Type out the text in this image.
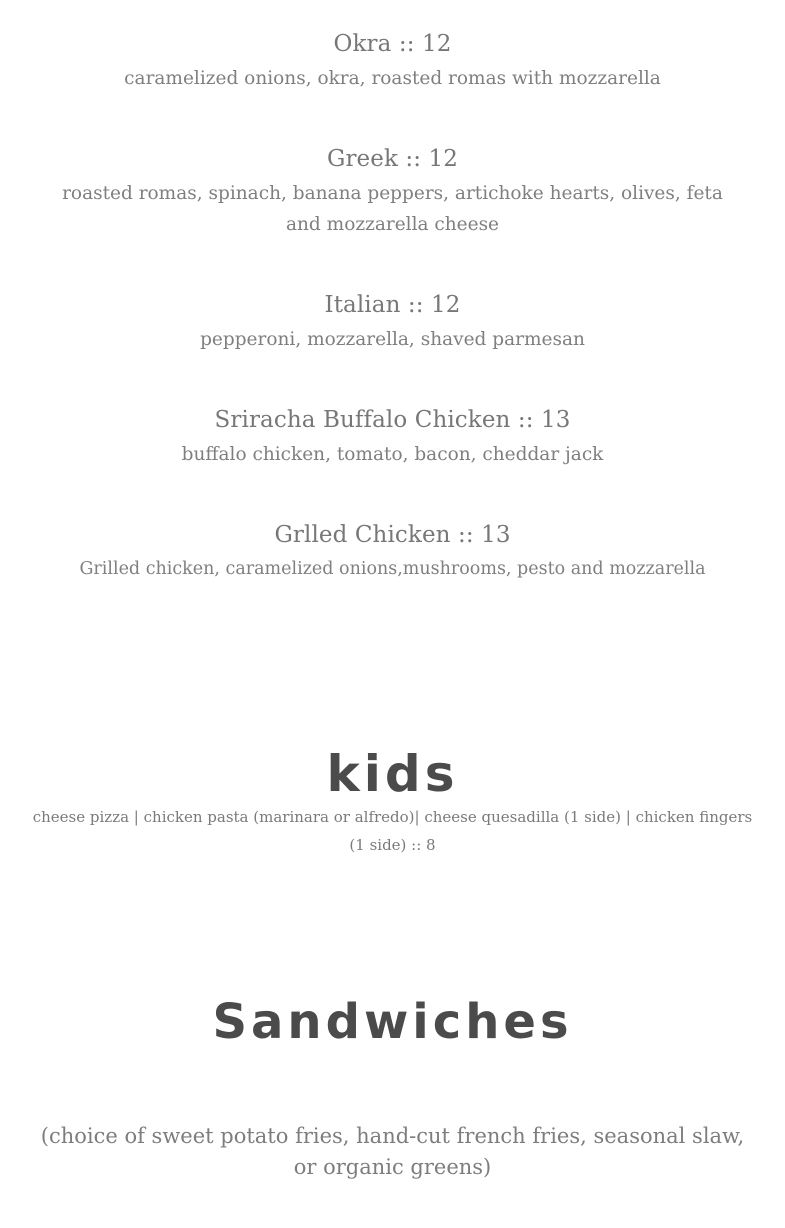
Okra :: 12
caramelized onions, okra, roasted romas with mozzarella
Greek :: 12
roasted romas, spinach, banana peppers, artichoke hearts, olives, feta and mozzarella cheese
Italian :: 12
pepperoni, mozzarella, shaved parmesan
Sriracha Buffalo Chicken :: 13
buffalo chicken, tomato, bacon, cheddar jack
Grlled Chicken :: 13
Grilled chicken, caramelized onions,mushrooms, pesto and mozzarella
kids
cheese pizza | chicken pasta (marinara or alfredo)| cheese quesadilla (1 side) | chicken fingers (1 side) :: 8
Sandwiches
(choice of sweet potato fries, hand-cut french fries, seasonal slaw, or organic greens)
